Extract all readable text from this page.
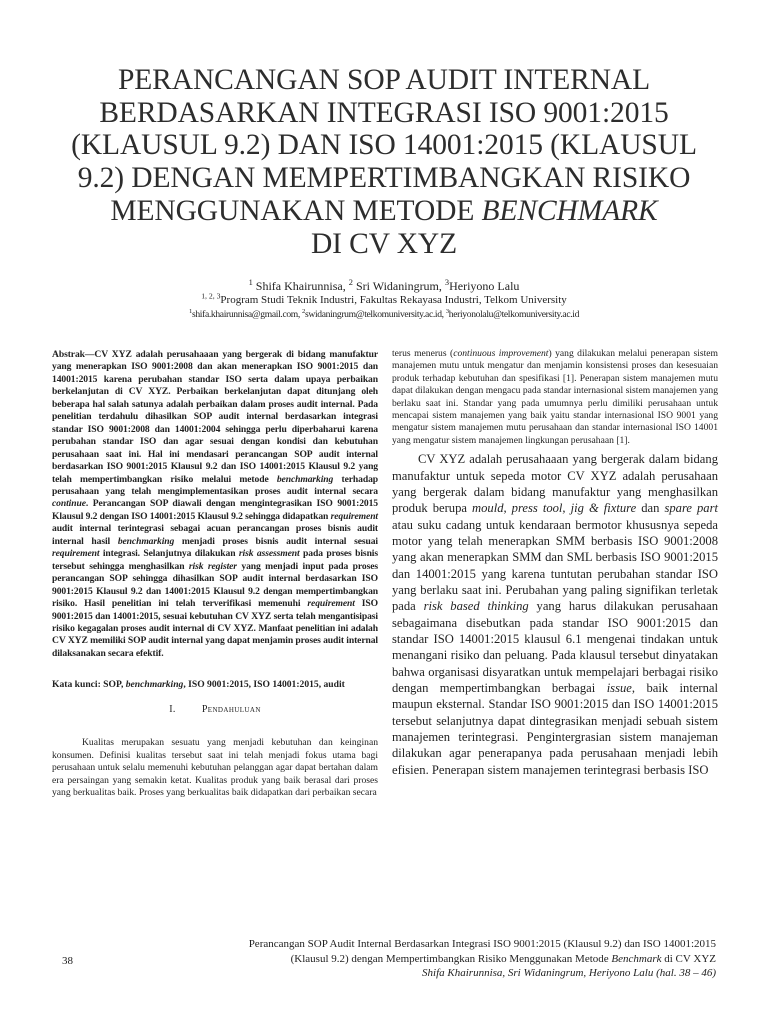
PERANCANGAN SOP AUDIT INTERNAL
BERDASARKAN INTEGRASI ISO 9001:2015
(KLAUSUL 9.2) DAN ISO 14001:2015 (KLAUSUL
9.2) DENGAN MEMPERTIMBANGKAN RISIKO
MENGGUNAKAN METODE BENCHMARK
DI CV XYZ
$^1$ Shifa Khairunnisa, $^2$ Sri Widaningrum, $^3$Heriyono Lalu
$^{1, 2, 3}$Program Studi Teknik Industri, Fakultas Rekayasa Industri, Telkom University
$^1$shifa.khairunnisa@gmail.com, $^2$swidaningrum@telkomuniversity.ac.id, $^3$heriyonolalu@telkomuniversity.ac.id
Abstrak—CV XYZ adalah perusahaaan yang bergerak di bidang manufaktur yang menerapkan ISO 9001:2008 dan akan menerapkan ISO 9001:2015 dan 14001:2015 karena perubahan standar ISO serta dalam upaya perbaikan berkelanjutan di CV XYZ. Perbaikan berkelanjutan dapat ditunjang oleh beberapa hal salah satunya adalah perbaikan dalam proses audit internal. Pada penelitian terdahulu dihasilkan SOP audit internal berdasarkan integrasi standar ISO 9001:2008 dan 14001:2004 sehingga perlu diperbaharui karena perubahan standar ISO dan agar sesuai dengan kondisi dan kebutuhan perusahaan saat ini. Hal ini mendasari perancangan SOP audit internal berdasarkan ISO 9001:2015 Klausul 9.2 dan ISO 14001:2015 Klausul 9.2 yang telah mempertimbangkan risiko melalui metode benchmarking terhadap perusahaan yang telah mengimplementasikan proses audit internal secara continue. Perancangan SOP diawali dengan mengintegrasikan ISO 9001:2015 Klausul 9.2 dengan ISO 14001:2015 Klausul 9.2 sehingga didapatkan requirement audit internal terintegrasi sebagai acuan perancangan proses bisnis audit internal hasil benchmarking menjadi proses bisnis audit internal sesuai requirement integrasi. Selanjutnya dilakukan risk assessment pada proses bisnis tersebut sehingga menghasilkan risk register yang menjadi input pada proses perancangan SOP sehingga dihasilkan SOP audit internal berdasarkan ISO 9001:2015 Klausul 9.2 dan 14001:2015 Klausul 9.2 dengan mempertimbangkan risiko. Hasil penelitian ini telah terverifikasi memenuhi requirement ISO 9001:2015 dan 14001:2015, sesuai kebutuhan CV XYZ serta telah mengantisipasi risiko kegagalan proses audit internal di CV XYZ. Manfaat penelitian ini adalah CV XYZ memiliki SOP audit internal yang dapat menjamin proses audit internal dilaksanakan secara efektif.
Kata kunci: SOP, benchmarking, ISO 9001:2015, ISO 14001:2015, audit
I.	Pendahuluan
Kualitas merupakan sesuatu yang menjadi kebutuhan dan keinginan konsumen. Definisi kualitas tersebut saat ini telah menjadi fokus utama bagi perusahaan untuk selalu memenuhi kebutuhan pelanggan agar dapat bertahan dalam era persaingan yang semakin ketat. Kualitas produk yang baik berasal dari proses yang berkualitas baik. Proses yang berkualitas baik didapatkan dari perbaikan secara
terus menerus (continuous improvement) yang dilakukan melalui penerapan sistem manajemen mutu untuk mengatur dan menjamin konsistensi proses dan kesesuaian produk terhadap kebutuhan dan spesifikasi [1]. Penerapan sistem manajemen mutu dapat dilakukan dengan mengacu pada standar internasional sistem manajemen yang berlaku saat ini. Standar yang pada umumnya perlu dimiliki perusahaan untuk mencapai sistem manajemen yang baik yaitu standar internasional ISO 9001 yang mengatur sistem manajemen mutu perusahaan dan standar internasional ISO 14001 yang mengatur sistem manajemen lingkungan perusahaan [1].
CV XYZ adalah perusahaaan yang bergerak dalam bidang manufaktur untuk sepeda motor CV XYZ adalah perusahaan yang bergerak dalam bidang manufaktur yang menghasilkan produk berupa mould, press tool, jig & fixture dan spare part atau suku cadang untuk kendaraan bermotor khususnya sepeda motor yang telah menerapkan SMM berbasis ISO 9001:2008 yang akan menerapkan SMM dan SML berbasis ISO 9001:2015 dan 14001:2015 yang karena tuntutan perubahan standar ISO yang berlaku saat ini. Perubahan yang paling signifikan terletak pada risk based thinking yang harus dilakukan perusahaan sebagaimana disebutkan pada standar ISO 9001:2015 dan standar ISO 14001:2015 klausul 6.1 mengenai tindakan untuk menangani risiko dan peluang. Pada klausul tersebut dinyatakan bahwa organisasi disyaratkan untuk mempelajari berbagai risiko dengan mempertimbangkan berbagai issue, baik internal maupun eksternal. Standar ISO 9001:2015 dan ISO 14001:2015 tersebut selanjutnya dapat dintegrasikan menjadi sebuah sistem manajemen terintegrasi. Pengintergrasian sistem manajeman dilakukan agar penerapanya pada perusahaan menjadi lebih efisien. Penerapan sistem manajemen terintegrasi berbasis ISO
38
Perancangan SOP Audit Internal Berdasarkan Integrasi ISO 9001:2015 (Klausul 9.2) dan ISO 14001:2015
(Klausul 9.2) dengan Mempertimbangkan Risiko Menggunakan Metode Benchmark di CV XYZ
Shifa Khairunnisa, Sri Widaningrum, Heriyono Lalu (hal. 38 – 46)
